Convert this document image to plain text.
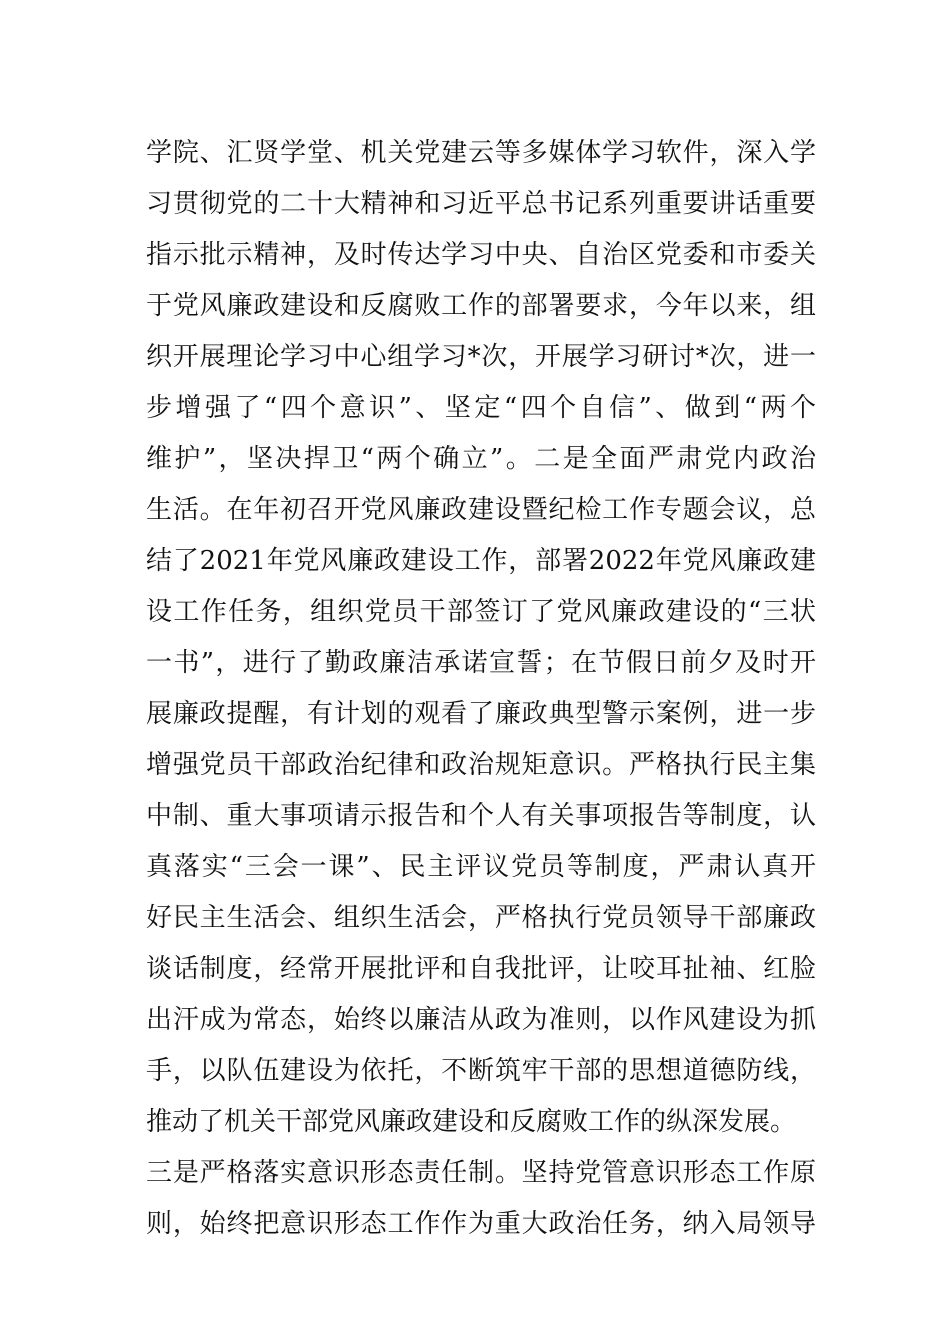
学院、汇贤学堂、机关党建云等多媒体学习软件，深入学
习贯彻党的二十大精神和习近平总书记系列重要讲话重要
指示批示精神，及时传达学习中央、自治区党委和市委关
于党风廉政建设和反腐败工作的部署要求，今年以来，组
织开展理论学习中心组学习*次，开展学习研讨*次，进一
步增强了“四个意识”、坚定“四个自信”、做到“两个
维护”，坚决捍卫“两个确立”。二是全面严肃党内政治
生活。在年初召开党风廉政建设暨纪检工作专题会议，总
结了2021年党风廉政建设工作，部署2022年党风廉政建
设工作任务，组织党员干部签订了党风廉政建设的“三状
一书”，进行了勤政廉洁承诺宣誓；在节假日前夕及时开
展廉政提醒，有计划的观看了廉政典型警示案例，进一步
增强党员干部政治纪律和政治规矩意识。严格执行民主集
中制、重大事项请示报告和个人有关事项报告等制度，认
真落实“三会一课”、民主评议党员等制度，严肃认真开
好民主生活会、组织生活会，严格执行党员领导干部廉政
谈话制度，经常开展批评和自我批评，让咬耳扯袖、红脸
出汗成为常态，始终以廉洁从政为准则，以作风建设为抓
手，以队伍建设为依托，不断筑牢干部的思想道德防线，
推动了机关干部党风廉政建设和反腐败工作的纵深发展。
三是严格落实意识形态责任制。坚持党管意识形态工作原
则，始终把意识形态工作作为重大政治任务，纳入局领导
